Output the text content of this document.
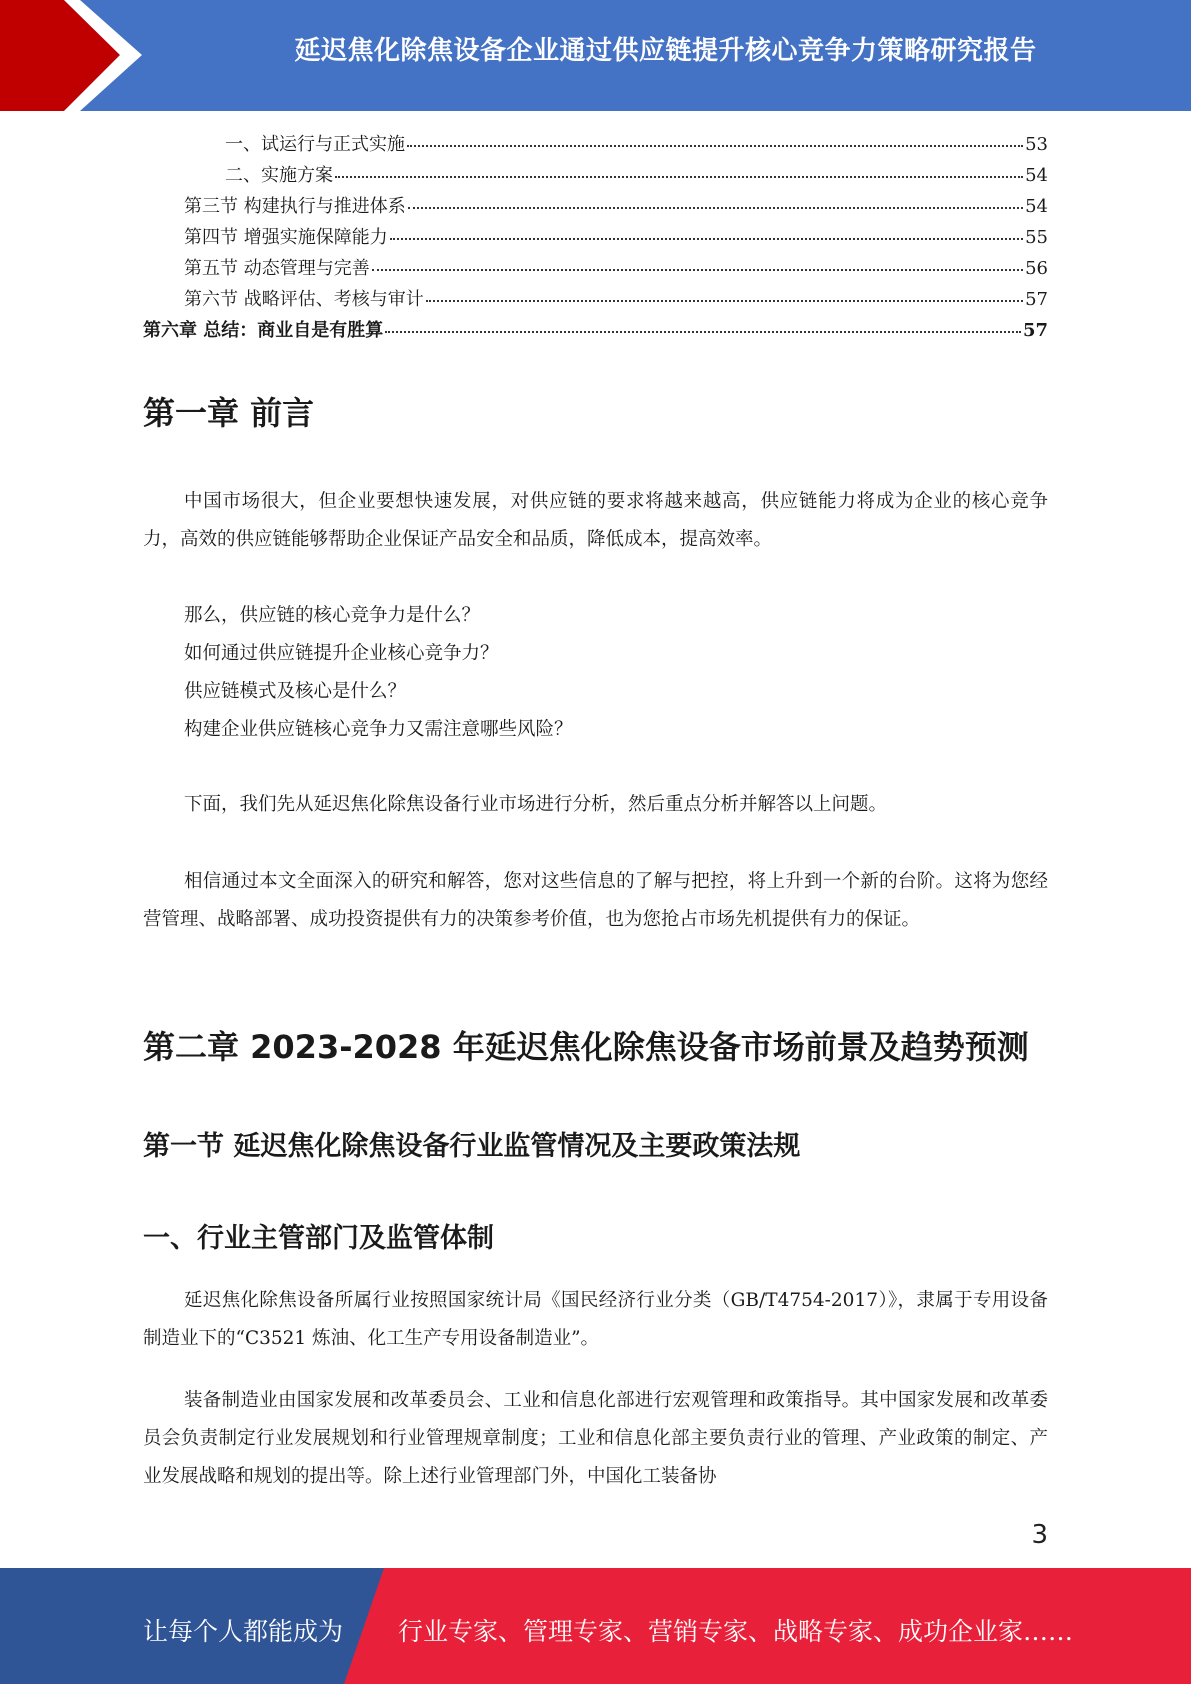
延迟焦化除焦设备企业通过供应链提升核心竞争力策略研究报告
一、试运行与正式实施	53
二、实施方案	54
第三节 构建执行与推进体系	54
第四节 增强实施保障能力	55
第五节 动态管理与完善	56
第六节 战略评估、考核与审计	57
第六章 总结：商业自是有胜算	57
第一章 前言

中国市场很大，但企业要想快速发展，对供应链的要求将越来越高，供应链能力将成为企业的核心竞争力，高效的供应链能够帮助企业保证产品安全和品质，降低成本，提高效率。

那么，供应链的核心竞争力是什么？

如何通过供应链提升企业核心竞争力？

供应链模式及核心是什么？

构建企业供应链核心竞争力又需注意哪些风险？

下面，我们先从延迟焦化除焦设备行业市场进行分析，然后重点分析并解答以上问题。

相信通过本文全面深入的研究和解答，您对这些信息的了解与把控，将上升到一个新的台阶。这将为您经营管理、战略部署、成功投资提供有力的决策参考价值，也为您抢占市场先机提供有力的保证。

第二章 2023-2028 年延迟焦化除焦设备市场前景及趋势预测
第一节 延迟焦化除焦设备行业监管情况及主要政策法规
一、行业主管部门及监管体制

延迟焦化除焦设备所属行业按照国家统计局《国民经济行业分类（GB/T4754-2017）》，隶属于专用设备制造业下的“C3521 炼油、化工生产专用设备制造业”。

装备制造业由国家发展和改革委员会、工业和信息化部进行宏观管理和政策指导。其中国家发展和改革委员会负责制定行业发展规划和行业管理规章制度；工业和信息化部主要负责行业的管理、产业政策的制定、产业发展战略和规划的提出等。除上述行业管理部门外，中国化工装备协

3
让每个人都能成为 行业专家、管理专家、营销专家、战略专家、成功企业家……
